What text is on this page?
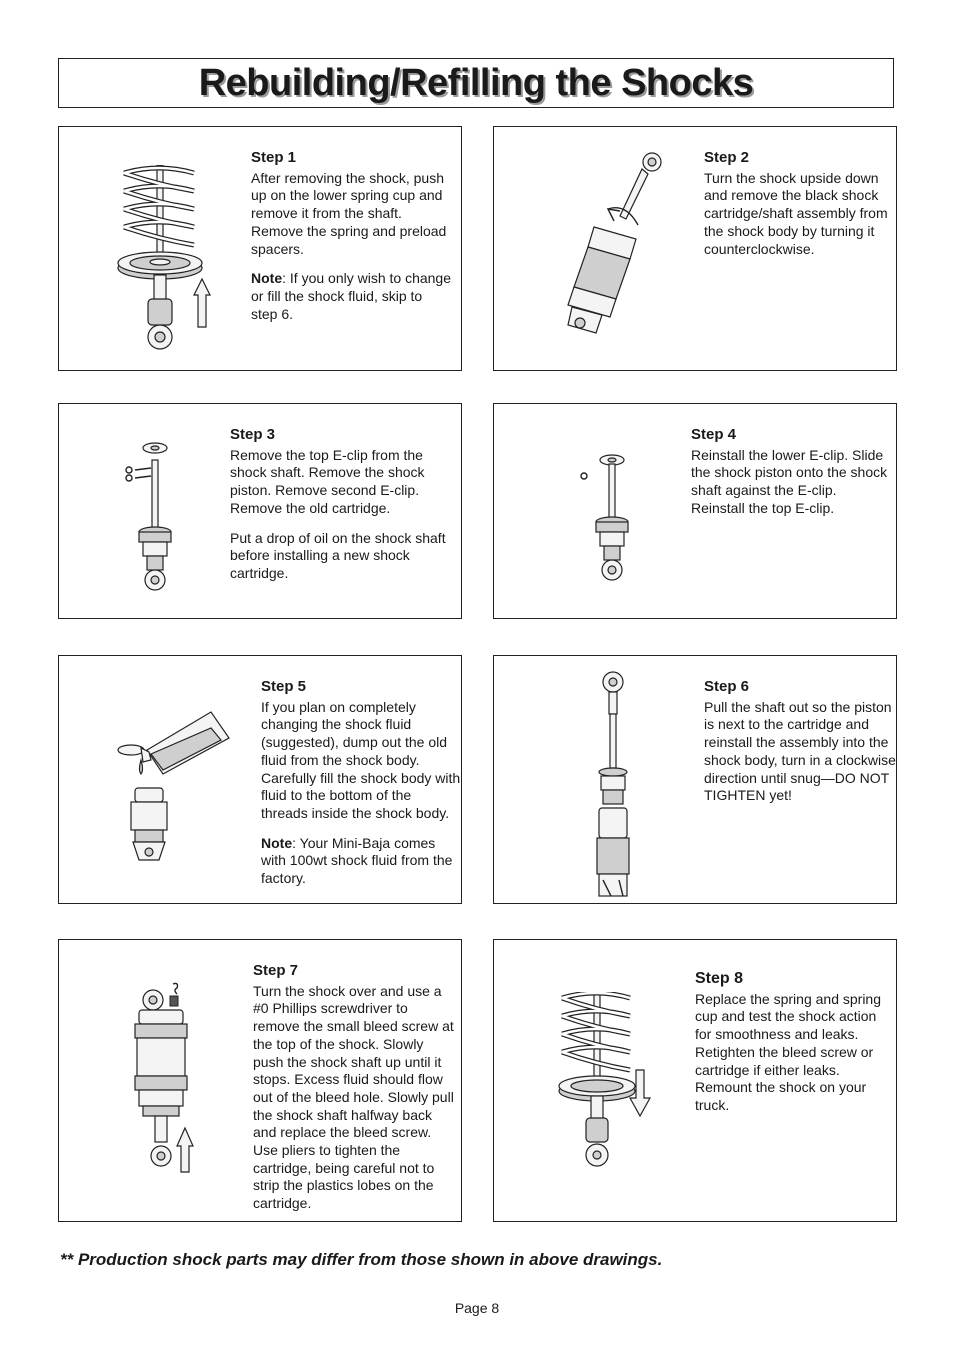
Rebuilding/Refilling the Shocks
Step 1

After removing the shock, push up on the lower spring cup and remove it from the shaft. Remove the spring and preload spacers.

Note: If you only wish to change or fill the shock fluid, skip to step 6.

Step 2

Turn the shock upside down and remove the black shock cartridge/shaft assembly from the shock body by turning it counterclockwise.

Step 3

Remove the top E-clip from the shock shaft. Remove the shock piston. Remove second E-clip. Remove the old cartridge.

Put a drop of oil on the shock shaft before installing a new shock cartridge.

Step 4

Reinstall the lower E-clip. Slide the shock piston onto the shock shaft against the E-clip. Reinstall the top E-clip.

Step 5

If you plan on completely changing the shock fluid (suggested), dump out the old fluid from the shock body. Carefully fill the shock body with fluid to the bottom of the threads inside the shock body.

Note: Your Mini-Baja comes with 100wt shock fluid from the factory.

Step 6

Pull the shaft out so the piston is next to the cartridge and reinstall the assembly into the shock body, turn in a clockwise direction until snug—DO NOT TIGHTEN yet!

Step 7

Turn the shock over and use a #0 Phillips screwdriver to remove the small bleed screw at the top of the shock. Slowly push the shock shaft up until it stops. Excess fluid should flow out of the bleed hole. Slowly pull the shock shaft halfway back and replace the bleed screw. Use pliers to tighten the cartridge, being careful not to strip the plastics lobes on the cartridge.

Step 8

Replace the spring and spring cup and test the shock action for smoothness and leaks. Retighten the bleed screw or cartridge if either leaks. Remount the shock on your truck.

** Production shock parts may differ from those shown in above drawings.
Page 8
